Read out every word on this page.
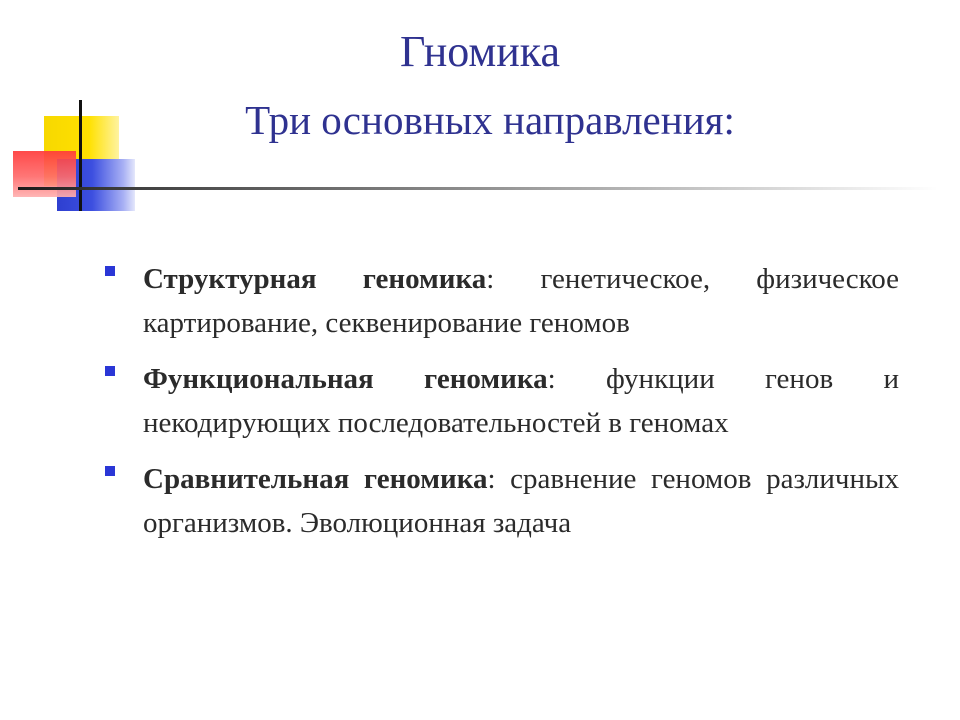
Гномика
Три основных направления:
Структурная геномика: генетическое, физическое картирование, секвенирование геномов
Функциональная геномика: функции генов и некодирующих последовательностей в геномах
Сравнительная геномика: сравнение геномов различных организмов. Эволюционная задача
